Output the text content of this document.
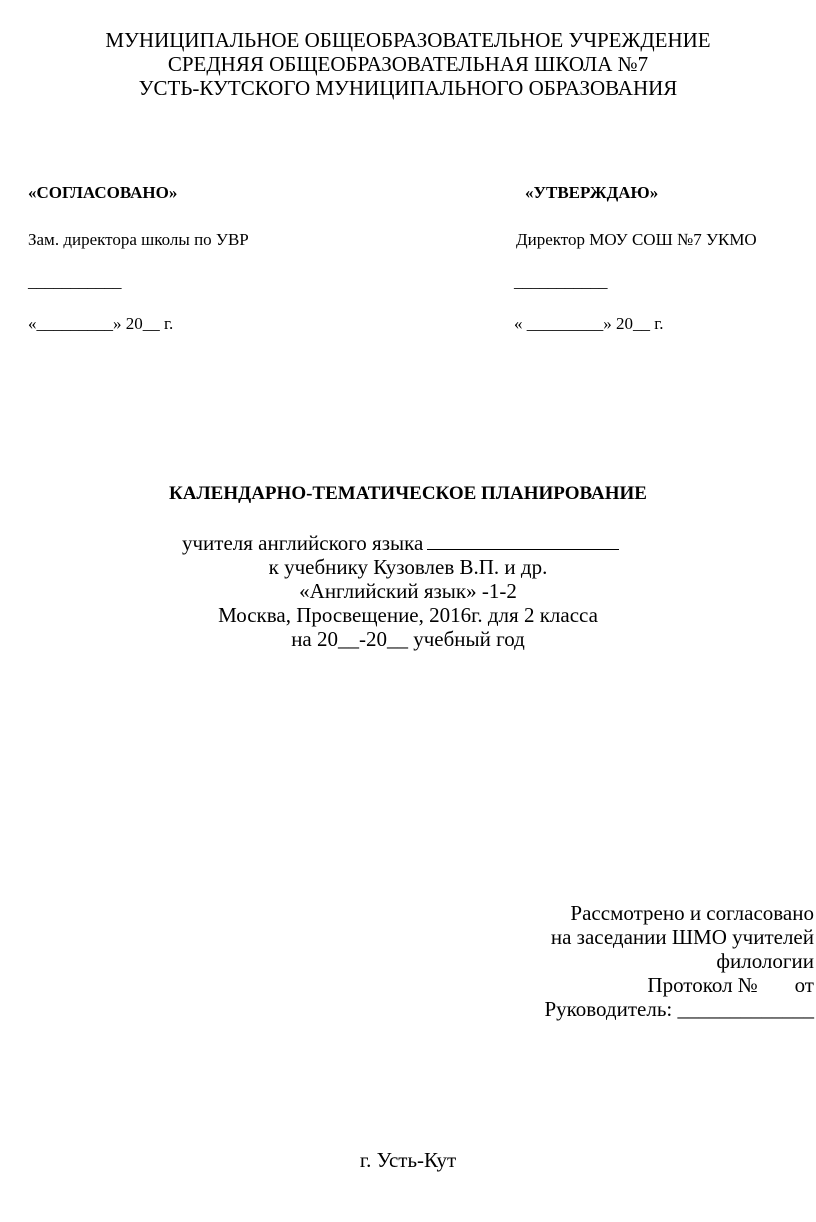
МУНИЦИПАЛЬНОЕ ОБЩЕОБРАЗОВАТЕЛЬНОЕ УЧРЕЖДЕНИЕ
СРЕДНЯЯ ОБЩЕОБРАЗОВАТЕЛЬНАЯ ШКОЛА №7
УСТЬ-КУТСКОГО МУНИЦИПАЛЬНОГО ОБРАЗОВАНИЯ
«СОГЛАСОВАНО»
Зам. директора школы по УВР
___________
«_________» 20__ г.
«УТВЕРЖДАЮ»
Директор МОУ СОШ №7 УКМО
___________
« _________» 20__ г.
КАЛЕНДАРНО-ТЕМАТИЧЕСКОЕ ПЛАНИРОВАНИЕ
учителя английского языка
к учебнику Кузовлев В.П. и др.
«Английский язык» -1-2
Москва, Просвещение, 2016г. для 2 класса
на 20__-20__ учебный год
Рассмотрено и согласовано
на заседании ШМО учителей
филологии
Протокол №       от
Руководитель: _____________
г. Усть-Кут
